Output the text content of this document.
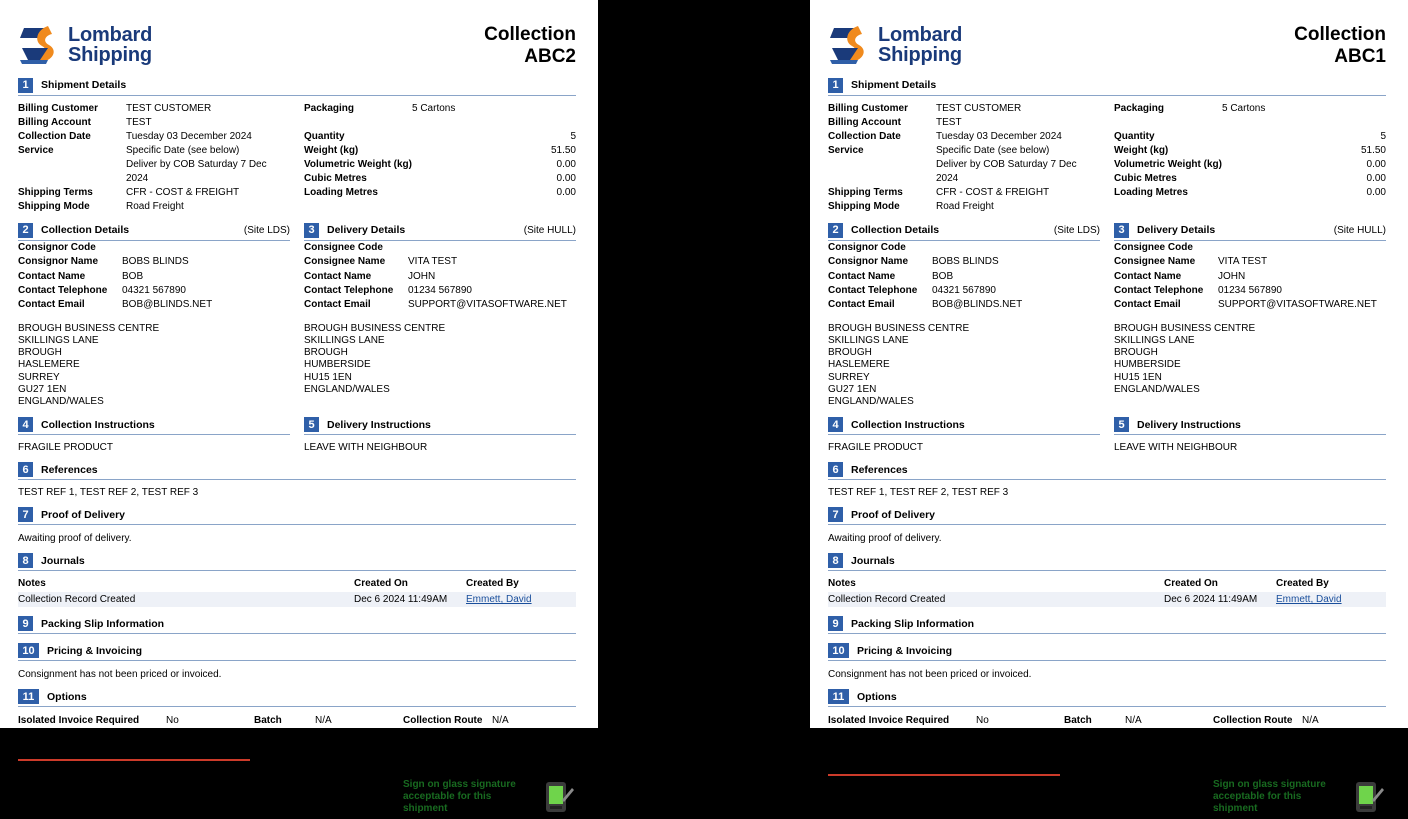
Lombard
Shipping
Collection
ABC2
1	Shipment Details
Billing Customer	TEST CUSTOMER
Billing Account	TEST
Collection Date	Tuesday 03 December 2024
Service	Specific Date (see below)
Deliver by COB Saturday 7 Dec 2024
Shipping Terms	CFR - COST & FREIGHT
Shipping Mode	Road Freight
Packaging	5 Cartons

Quantity	5
Weight (kg)	51.50
Volumetric Weight (kg)	0.00
Cubic Metres	0.00
Loading Metres	0.00
2	Collection Details	(Site LDS)
Consignor Code
Consignor Name	BOBS BLINDS
Contact Name	BOB
Contact Telephone	04321 567890
Contact Email	BOB@BLINDS.NET
BROUGH BUSINESS CENTRE
SKILLINGS LANE
BROUGH
HASLEMERE
SURREY
GU27 1EN
ENGLAND/WALES
3	Delivery Details	(Site HULL)
Consignee Code
Consignee Name	VITA TEST
Contact Name	JOHN
Contact Telephone	01234 567890
Contact Email	SUPPORT@VITASOFTWARE.NET
BROUGH BUSINESS CENTRE
SKILLINGS LANE
BROUGH
HUMBERSIDE
HU15 1EN
ENGLAND/WALES
4	Collection Instructions
FRAGILE PRODUCT
5	Delivery Instructions
LEAVE WITH NEIGHBOUR
6	References
TEST REF 1, TEST REF 2, TEST REF 3
7	Proof of Delivery
Awaiting proof of delivery.
8	Journals
Notes	Created On	Created By
Collection Record Created	Dec 6 2024 11:49AM	Emmett, David
9	Packing Slip Information
10	Pricing & Invoicing
Consignment has not been priced or invoiced.
11	Options
Isolated Invoice Required	No
Additional Insurance Cover	No
Tail Lift Required	Not required
Stackable Freight	Not stackable
Collection Book In Required	Not required
Batch Number
N/A
Manifest Item
Yes
Collection Route Code
N/A
Delivery Route Code
N/A
Sign on glass signature
acceptable for this shipment
Lombard
Shipping
Collection
ABC1
1	Shipment Details
Billing Customer	TEST CUSTOMER
Billing Account	TEST
Collection Date	Tuesday 03 December 2024
Service	Specific Date (see below)
Deliver by COB Saturday 7 Dec 2024
Shipping Terms	CFR - COST & FREIGHT
Shipping Mode	Road Freight
Packaging	5 Cartons

Quantity	5
Weight (kg)	51.50
Volumetric Weight (kg)	0.00
Cubic Metres	0.00
Loading Metres	0.00
2	Collection Details	(Site LDS)
Consignor Code
Consignor Name	BOBS BLINDS
Contact Name	BOB
Contact Telephone	04321 567890
Contact Email	BOB@BLINDS.NET
BROUGH BUSINESS CENTRE
SKILLINGS LANE
BROUGH
HASLEMERE
SURREY
GU27 1EN
ENGLAND/WALES
3	Delivery Details	(Site HULL)
Consignee Code
Consignee Name	VITA TEST
Contact Name	JOHN
Contact Telephone	01234 567890
Contact Email	SUPPORT@VITASOFTWARE.NET
BROUGH BUSINESS CENTRE
SKILLINGS LANE
BROUGH
HUMBERSIDE
HU15 1EN
ENGLAND/WALES
4	Collection Instructions
FRAGILE PRODUCT
5	Delivery Instructions
LEAVE WITH NEIGHBOUR
6	References
TEST REF 1, TEST REF 2, TEST REF 3
7	Proof of Delivery
Awaiting proof of delivery.
8	Journals
Notes	Created On	Created By
Collection Record Created	Dec 6 2024 11:49AM	Emmett, David
9	Packing Slip Information
10	Pricing & Invoicing
Consignment has not been priced or invoiced.
11	Options
Isolated Invoice Required	No
Additional Insurance Cover	No
Tail Lift Required	Required at delivery
Stackable Freight	Not stackable
Collection Book In Required	Not required
Batch Number
N/A
Manifest Item
Yes
Collection Route Code
N/A
Delivery Route Code
N/A
Sign on glass signature
acceptable for this shipment
